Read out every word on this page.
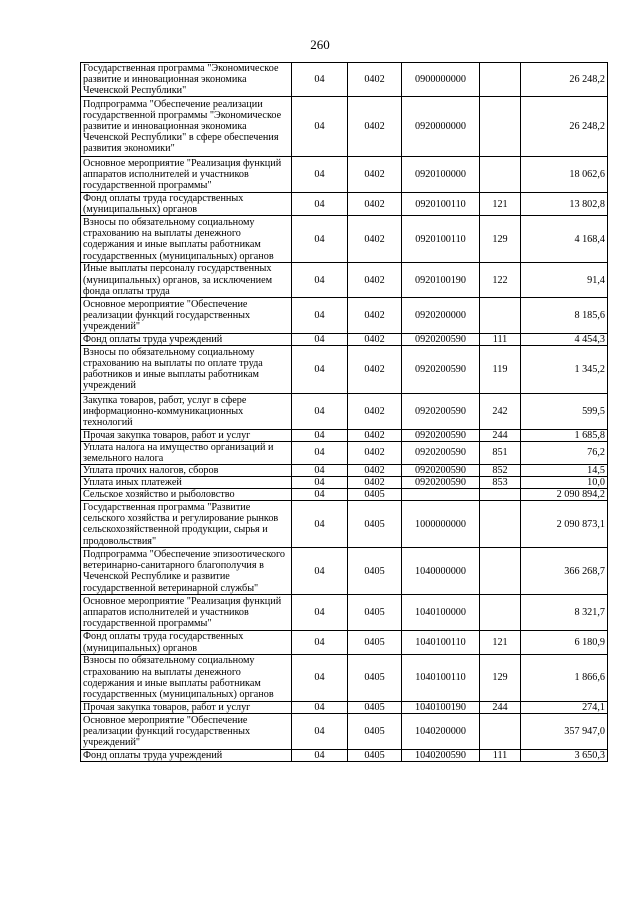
260
Государственная программа "Экономическое развитие и инновационная экономика Чеченской Республики"	04	0402	0900000000		26 248,2
Подпрограмма "Обеспечение реализации государственной программы "Экономическое развитие и инновационная экономика Чеченской Республики" в сфере обеспечения развития экономики"	04	0402	0920000000		26 248,2
Основное мероприятие "Реализация функций аппаратов исполнителей и участников государственной программы"	04	0402	0920100000		18 062,6
Фонд оплаты труда государственных (муниципальных) органов	04	0402	0920100110	121	13 802,8
Взносы по обязательному социальному страхованию на выплаты денежного содержания и иные выплаты работникам государственных (муниципальных) органов	04	0402	0920100110	129	4 168,4
Иные выплаты персоналу государственных (муниципальных) органов, за исключением фонда оплаты труда	04	0402	0920100190	122	91,4
Основное мероприятие "Обеспечение реализации функций государственных учреждений"	04	0402	0920200000		8 185,6
Фонд оплаты труда учреждений	04	0402	0920200590	111	4 454,3
Взносы по обязательному социальному страхованию на выплаты по оплате труда работников и иные выплаты работникам учреждений	04	0402	0920200590	119	1 345,2
Закупка товаров, работ, услуг в сфере информационно-коммуникационных технологий	04	0402	0920200590	242	599,5
Прочая закупка товаров, работ и услуг	04	0402	0920200590	244	1 685,8
Уплата налога на имущество организаций и земельного налога	04	0402	0920200590	851	76,2
Уплата прочих налогов, сборов	04	0402	0920200590	852	14,5
Уплата иных платежей	04	0402	0920200590	853	10,0
Сельское хозяйство и рыболовство	04	0405			2 090 894,2
Государственная программа "Развитие сельского хозяйства и регулирование рынков сельскохозяйственной продукции, сырья и продовольствия"	04	0405	1000000000		2 090 873,1
Подпрограмма "Обеспечение эпизоотического ветеринарно-санитарного благополучия в Чеченской Республике и развитие государственной ветеринарной службы"	04	0405	1040000000		366 268,7
Основное мероприятие "Реализация функций аппаратов исполнителей и участников государственной программы"	04	0405	1040100000		8 321,7
Фонд оплаты труда государственных (муниципальных) органов	04	0405	1040100110	121	6 180,9
Взносы по обязательному социальному страхованию на выплаты денежного содержания и иные выплаты работникам государственных (муниципальных) органов	04	0405	1040100110	129	1 866,6
Прочая закупка товаров, работ и услуг	04	0405	1040100190	244	274,1
Основное мероприятие "Обеспечение реализации функций государственных учреждений"	04	0405	1040200000		357 947,0
Фонд оплаты труда учреждений	04	0405	1040200590	111	3 650,3
